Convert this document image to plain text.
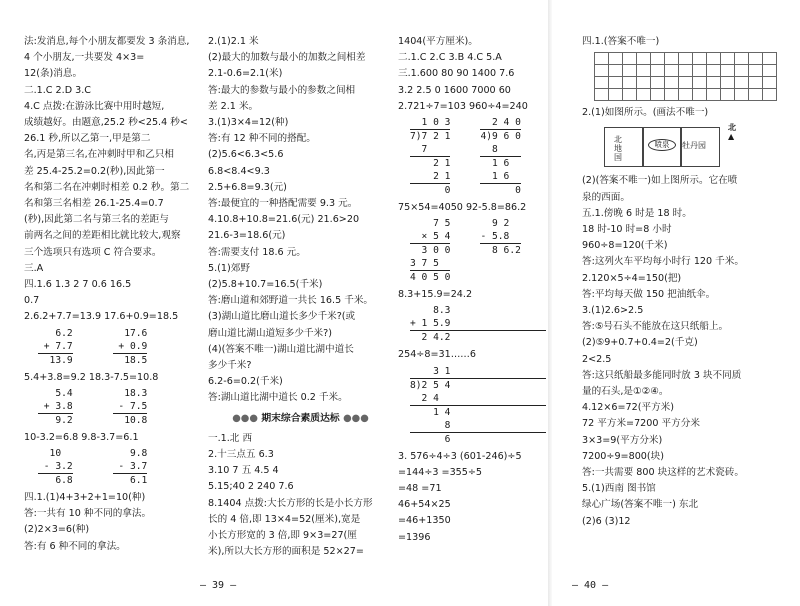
法:发消息,每个小朋友都要发 3 条消息,

4 个小朋友,一共要发 4×3=

12(条)消息。

二.1.C 2.D 3.C

4.C 点拨:在游泳比赛中用时越短,

成绩越好。由题意,25.2 秒<25.4 秒<

26.1 秒,所以乙第一,甲是第二

名,丙是第三名,在冲刺时甲和乙只相

差 25.4-25.2=0.2(秒),因此第一

名和第二名在冲刺时相差 0.2 秒。第二

名和第三名相差 26.1-25.4=0.7

(秒),因此第二名与第三名的差距与

前两名之间的差距相比就比较大,观察

三个选项只有选项 C 符合要求。

三.A

四.1.6 1.3 2 7 0.6 16.5

0.7

2.6.2+7.7=13.9 17.6+0.9=18.5

6.2
+ 7.7
13.9
17.6
+ 0.9
18.5

5.4+3.8=9.2 18.3-7.5=10.8

5.4
+ 3.8
9.2
18.3
- 7.5
10.8

10-3.2=6.8 9.8-3.7=6.1

10
- 3.2
6.8
9.8
- 3.7
6.1

四.1.(1)4+3+2+1=10(种)

答:一共有 10 种不同的拿法。

(2)2×3=6(种)

答:有 6 种不同的拿法。

2.(1)2.1 米

(2)最大的加数与最小的加数之间相差

2.1-0.6=2.1(米)

答:最大的参数与最小的参数之间相

差 2.1 米。

3.(1)3×4=12(种)

答:有 12 种不同的搭配。

(2)5.6<6.3<5.6

6.8<8.4<9.3

2.5+6.8=9.3(元)

答:最便宜的一种搭配需要 9.3 元。

4.10.8+10.8=21.6(元) 21.6>20

21.6-3=18.6(元)

答:需要支付 18.6 元。

5.(1)郊野

(2)5.8+10.7=16.5(千米)

答:磨山道和郊野道一共长 16.5 千米。

(3)湖山道比磨山道长多少千米?(或

磨山道比湖山道短多少千米?)

(4)(答案不唯一)湖山道比湖中道长

多少千米?

6.2-6=0.2(千米)

答:湖山道比湖中道长 0.2 千米。

●●● 期末综合素质达标 ●●●

一.1.北 西

2.十三点五 6.3

3.10 7 五 4.5 4

5.15;40 2 240 7.6

8.1404 点拨:大长方形的长是小长方形

长的 4 倍,即 13×4=52(厘米),宽是

小长方形宽的 3 倍,即 9×3=27(厘

米),所以大长方形的面积是 52×27=

1404(平方厘米)。

二.1.C 2.C 3.B 4.C 5.A

三.1.600 80 90 1400 7.6

3.2 2.5 0 1600 7000 60

2.721÷7=103 960÷4=240

1 0 3
7)7 2 1
7
2 1
2 1
0
2 4 0
4)9 6 0
8
1 6
1 6
0

75×54=4050 92-5.8=86.2

7 5
× 5 4
3 0 0
3 7 5
4 0 5 0
9 2
- 5.8
8 6.2

8.3+15.9=24.2

8.3
+ 1 5.9
2 4.2

254÷8=31……6

3 1
8)2 5 4
2 4
1 4
8
6

3. 576÷4÷3 (601-246)÷5

=144÷3 =355÷5

=48 =71

46+54×25

=46+1350

=1396

– 39 –

四.1.(答案不唯一)

2.(1)如图所示。(画法不唯一)

北地国
喷泉	牡丹园
北
▲

(2)(答案不唯一)如上图所示。它在喷

泉的西面。

五.1.傍晚 6 时是 18 时。

18 时-10 时=8 小时

960÷8=120(千米)

答:这列火车平均每小时行 120 千米。

2.120×5÷4=150(把)

答:平均每天做 150 把油纸伞。

3.(1)2.6>2.5

答:⑤号石头不能放在这只纸船上。

(2)⑤9+0.7+0.4=2(千克)

2<2.5

答:这只纸船最多能同时放 3 块不同质

量的石头,是①②④。

4.12×6=72(平方米)

72 平方米=7200 平方分米

3×3=9(平方分米)

7200÷9=800(块)

答:一共需要 800 块这样的艺术瓷砖。

5.(1)西南 图书馆

绿心广场(答案不唯一) 东北

(2)6 (3)12

– 40 –
